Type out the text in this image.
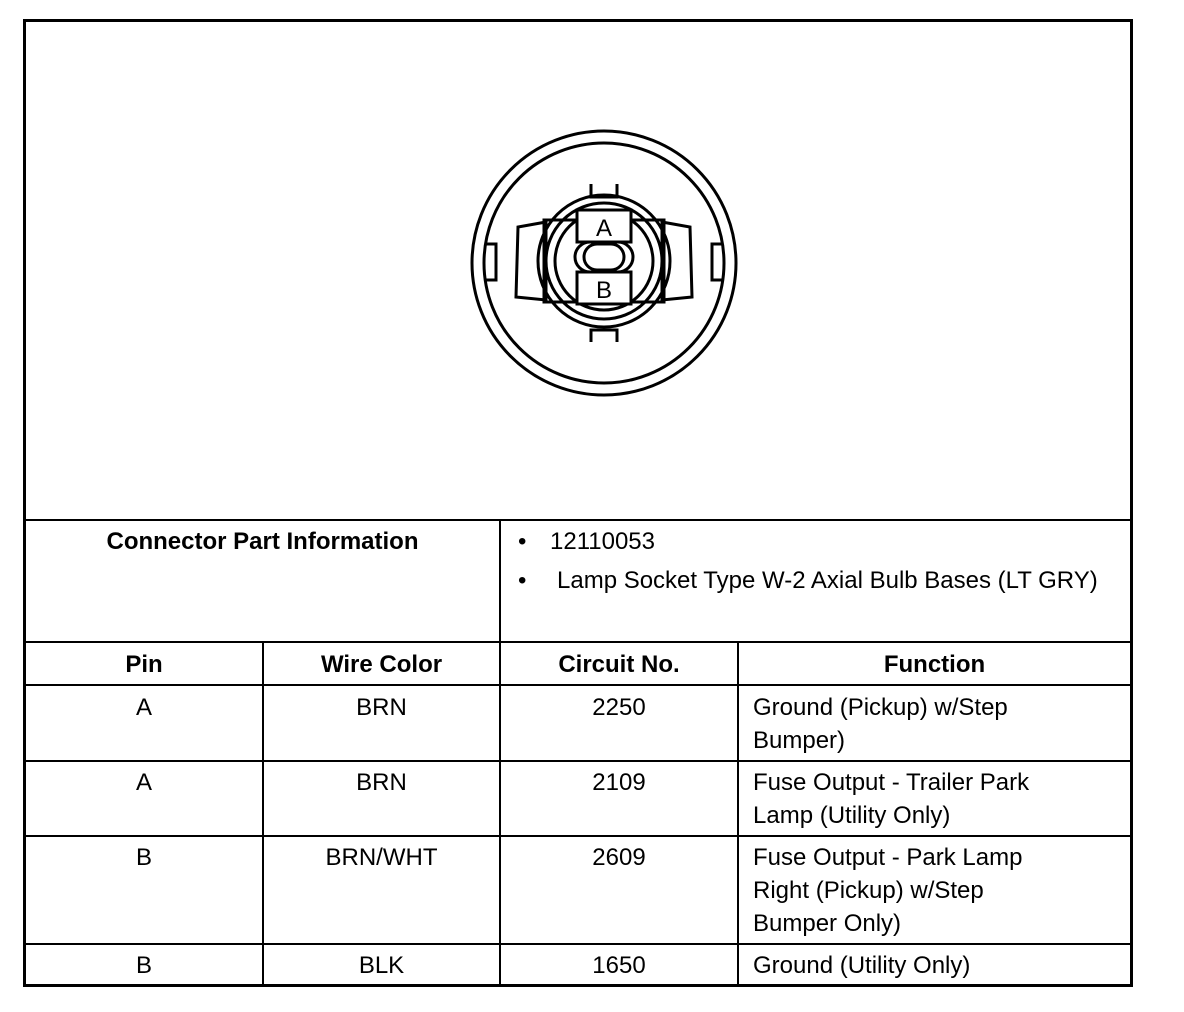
A
B
Connector Part Information	• 12110053
• Lamp Socket Type W-2 Axial Bulb Bases (LT GRY)
Pin	Wire Color	Circuit No.	Function
A	BRN	2250	Ground (Pickup) w/Step Bumper)
A	BRN	2109	Fuse Output - Trailer Park Lamp (Utility Only)
B	BRN/WHT	2609	Fuse Output - Park Lamp Right (Pickup) w/Step Bumper Only)
B	BLK	1650	Ground (Utility Only)
